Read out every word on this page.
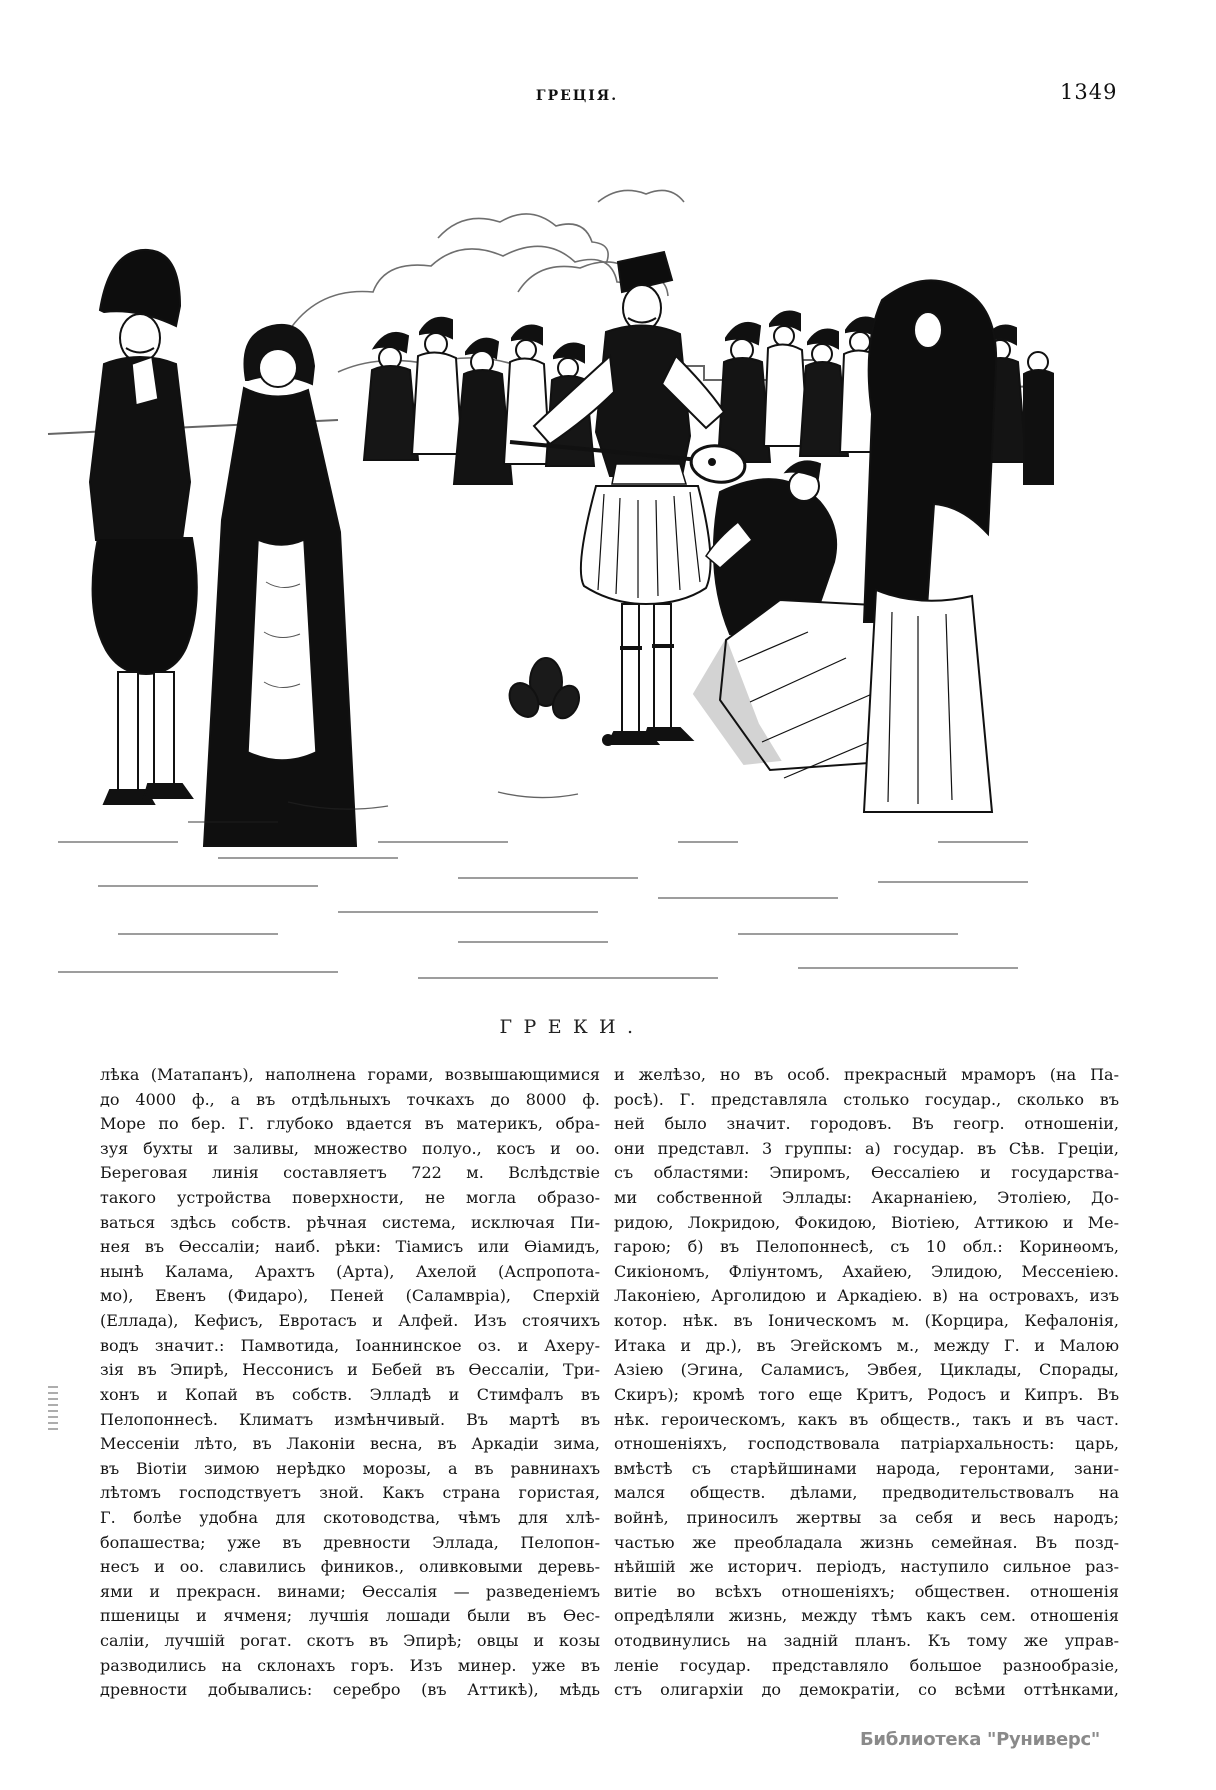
ГРЕЦІЯ.	1349
ГРЕКИ.
лѣка (Матапанъ), наполнена горами, возвышающимися
до 4000 ф., а въ отдѣльныхъ точкахъ до 8000 ф.
Море по бер. Г. глубоко вдается въ материкъ, обра-
зуя бухты и заливы, множество полуо., косъ и оо.
Береговая линія составляетъ 722 м. Вслѣдствіе
такого устройства поверхности, не могла образо-
ваться здѣсь собств. рѣчная система, исключая Пи-
нея въ Ѳессаліи; наиб. рѣки: Тіамисъ или Ѳіамидъ,
нынѣ Калама, Арахтъ (Арта), Ахелой (Аспропота-
мо), Евенъ (Фидаро), Пеней (Саламвріа), Сперхій
(Еллада), Кефисъ, Евротасъ и Алфей. Изъ стоячихъ
водъ значит.: Памвотида, Іоаннинское оз. и Ахеру-
зія въ Эпирѣ, Нессонисъ и Бебей въ Ѳессаліи, Три-
хонъ и Копай въ собств. Элладѣ и Стимфалъ въ
Пелопоннесѣ. Климатъ измѣнчивый. Въ мартѣ въ
Мессеніи лѣто, въ Лаконіи весна, въ Аркадіи зима,
въ Віотіи зимою нерѣдко морозы, а въ равнинахъ
лѣтомъ господствуетъ зной. Какъ страна гористая,
Г. болѣе удобна для скотоводства, чѣмъ для хлѣ-
бопашества; уже въ древности Эллада, Пелопон-
несъ и оо. славились фиников., оливковыми деревь-
ями и прекрасн. винами; Ѳессалія — разведеніемъ
пшеницы и ячменя; лучшія лошади были въ Ѳес-
саліи, лучшій рогат. скотъ въ Эпирѣ; овцы и козы
разводились на склонахъ горъ. Изъ минер. уже въ
древности добывались: серебро (въ Аттикѣ), мѣдь
и желѣзо, но въ особ. прекрасный мраморъ (на Па-
росѣ). Г. представляла столько государ., сколько въ
ней было значит. городовъ. Въ геогр. отношеніи,
они представл. 3 группы: а) государ. въ Сѣв. Греціи,
съ областями: Эпиромъ, Ѳессаліею и государства-
ми собственной Эллады: Акарнаніею, Этоліею, До-
ридою, Локридою, Фокидою, Віотіею, Аттикою и Ме-
гарою; б) въ Пелопоннесѣ, съ 10 обл.: Коринѳомъ,
Сикіономъ, Фліунтомъ, Ахайею, Элидою, Мессеніею.
Лаконіею, Арголидою и Аркадіею. в) на островахъ, изъ
котор. нѣк. въ Іоническомъ м. (Корцира, Кефалонія,
Итака и др.), въ Эгейскомъ м., между Г. и Малою
Азіею (Эгина, Саламисъ, Эвбея, Циклады, Спорады,
Скиръ); кромѣ того еще Критъ, Родосъ и Кипръ. Въ
нѣк. героическомъ, какъ въ обществ., такъ и въ част.
отношеніяхъ, господствовала патріархальность: царь,
вмѣстѣ съ старѣйшинами народа, геронтами, зани-
мался обществ. дѣлами, предводительствовалъ на
войнѣ, приносилъ жертвы за себя и весь народъ;
частью же преобладала жизнь семейная. Въ позд-
нѣйшій же историч. періодъ, наступило сильное раз-
витіе во всѣхъ отношеніяхъ; обществен. отношенія
опредѣляли жизнь, между тѣмъ какъ сем. отношенія
отодвинулись на задній планъ. Къ тому же управ-
леніе государ. представляло большое разнообразіе,
стъ олигархіи до демократіи, со всѣми оттѣнками,
Библиотека "Руниверс"
